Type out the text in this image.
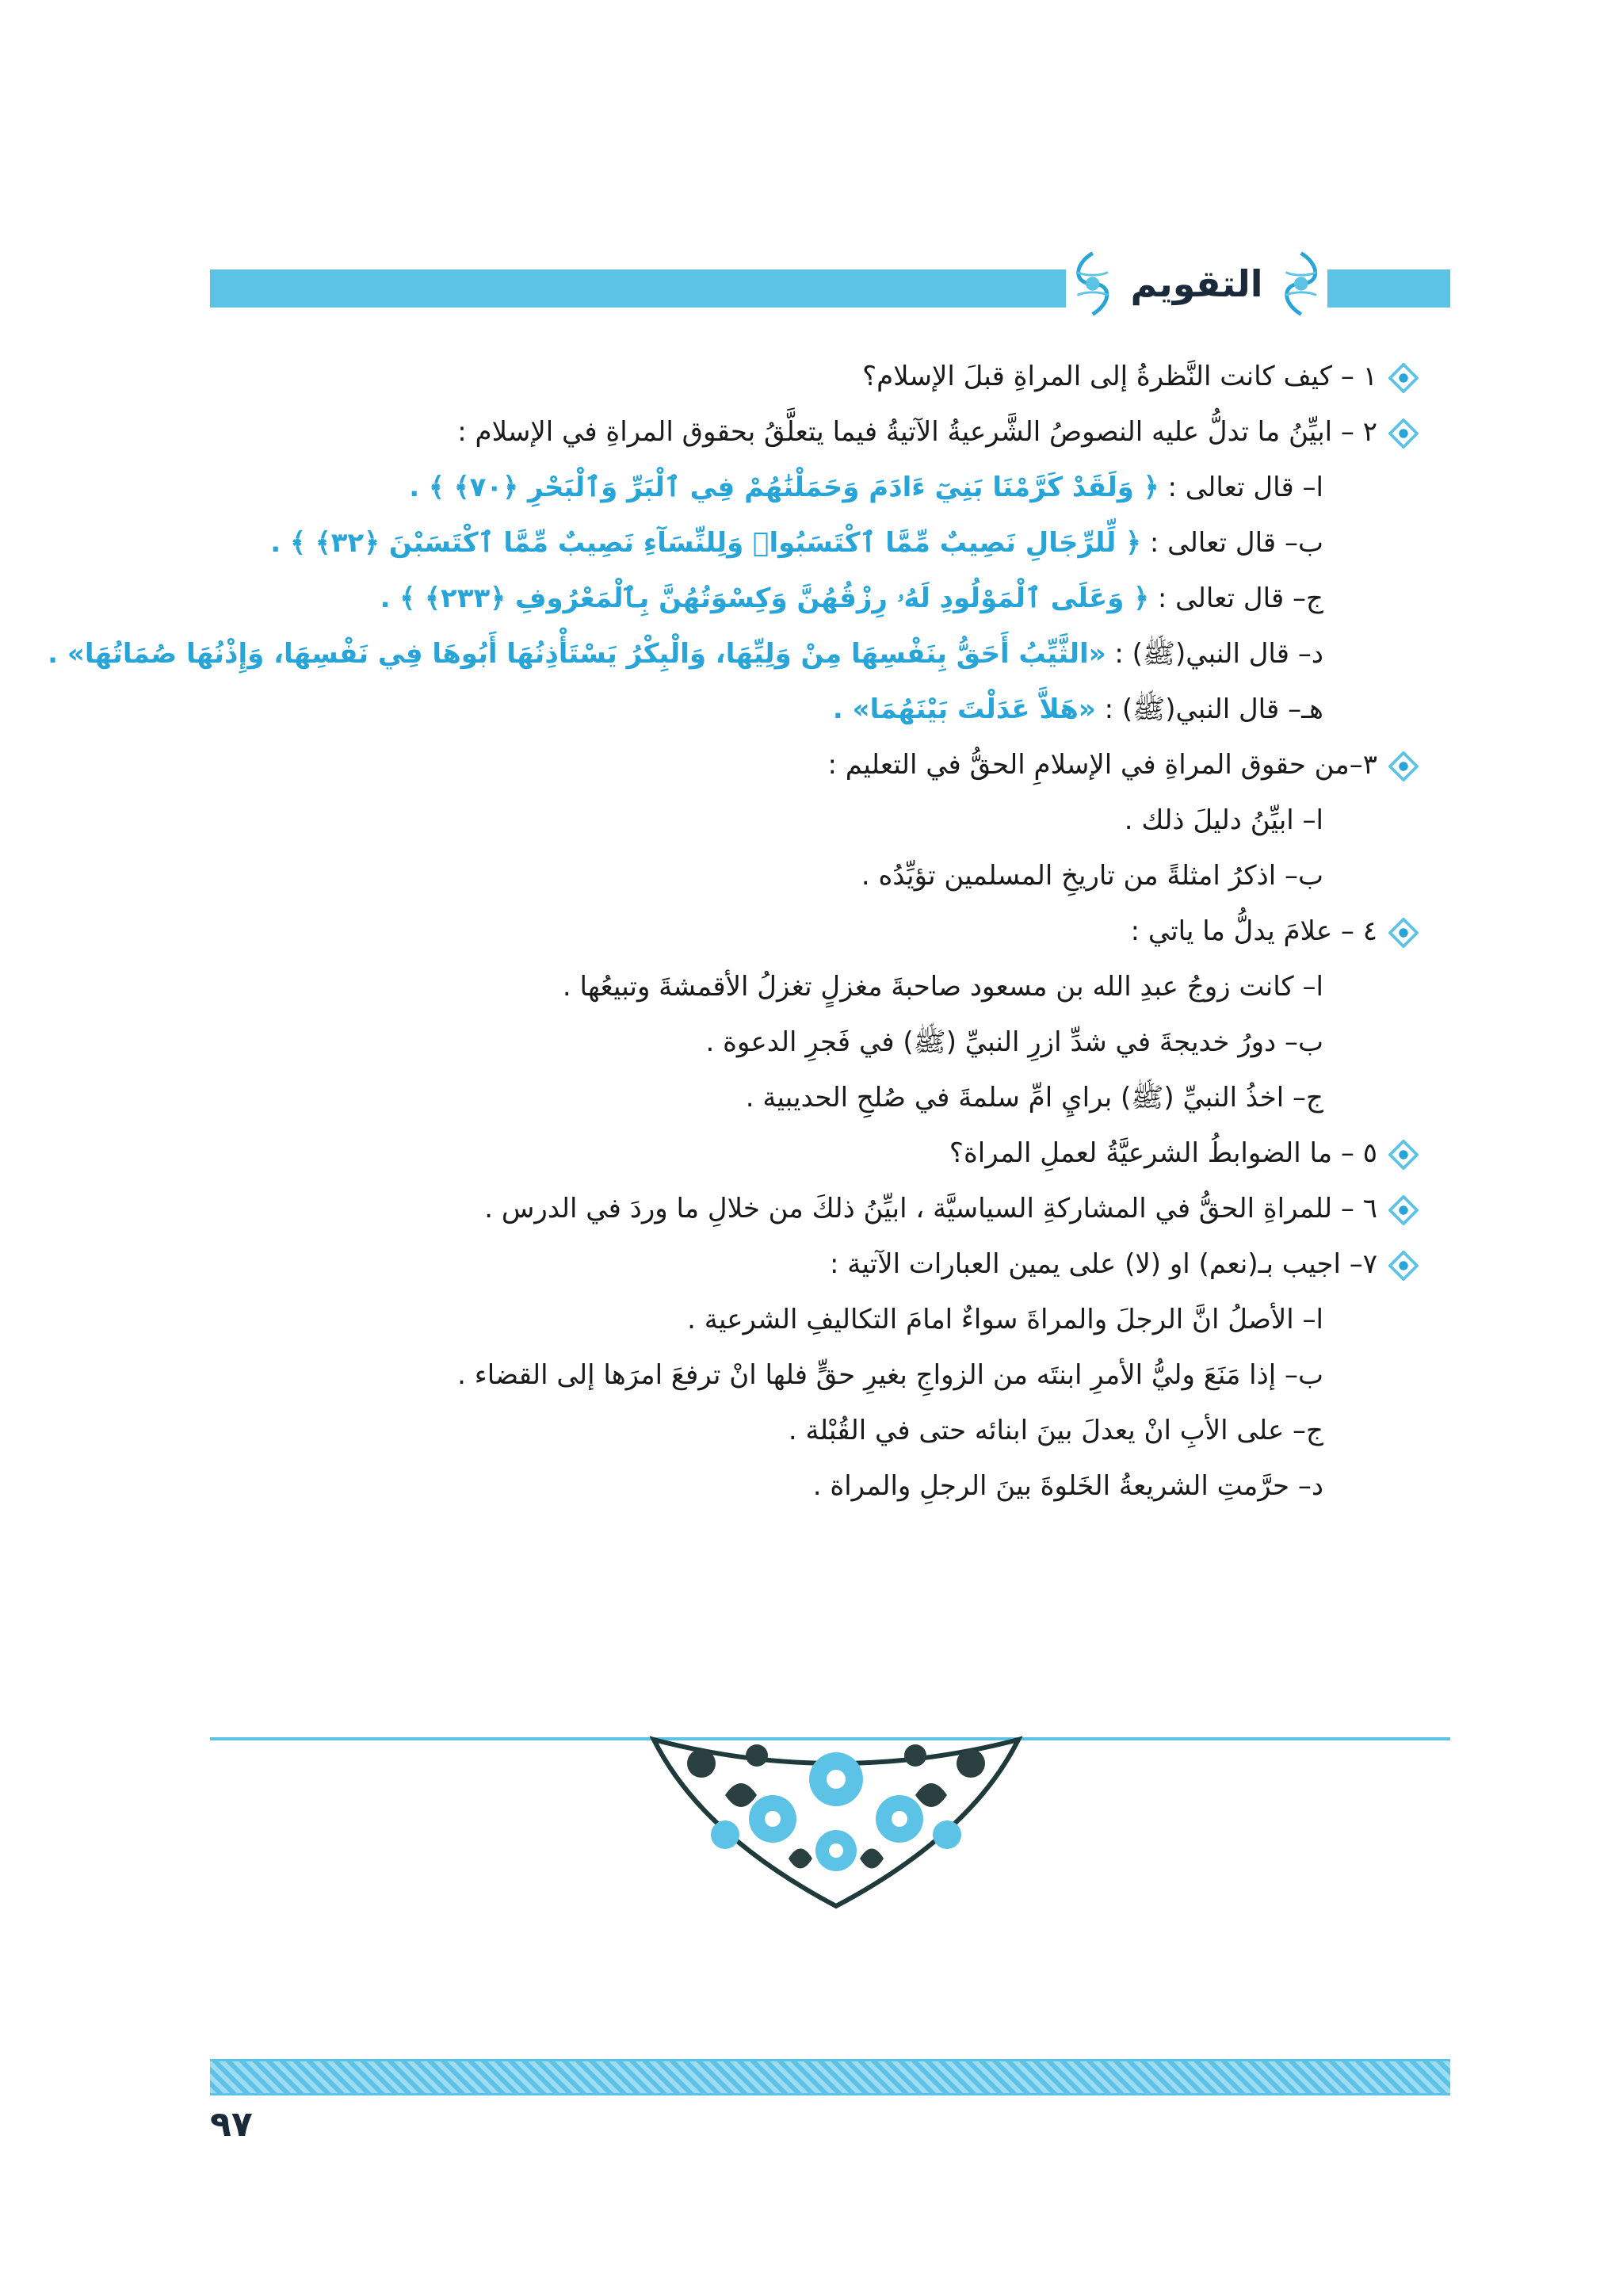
التقويم
١ – كيف كانت النَّظرةُ إلى المراةِ قبلَ الإسلام؟
٢ – ابيِّنُ ما تدلُّ عليه النصوصُ الشَّرعيةُ الآتيةُ فيما يتعلَّقُ بحقوق المراةِ في الإسلام :
ا– قال تعالى : ﴿ وَلَقَدْ كَرَّمْنَا بَنِيٓ ءَادَمَ وَحَمَلْنَٰهُمْ فِي ٱلْبَرِّ وَٱلْبَحْرِ ﴿٧٠﴾ ﴾ .
ب– قال تعالى : ﴿ لِّلرِّجَالِ نَصِيبٌ مِّمَّا ٱكْتَسَبُوا۟ وَلِلنِّسَآءِ نَصِيبٌ مِّمَّا ٱكْتَسَبْنَ ﴿٣٢﴾ ﴾ .
ج– قال تعالى : ﴿ وَعَلَى ٱلْمَوْلُودِ لَهُۥ رِزْقُهُنَّ وَكِسْوَتُهُنَّ بِٱلْمَعْرُوفِ ﴿٢٣٣﴾ ﴾ .
د– قال النبي(ﷺ) : «الثَّيِّبُ أَحَقُّ بِنَفْسِهَا مِنْ وَلِيِّهَا، وَالْبِكْرُ يَسْتَأْذِنُهَا أَبُوهَا فِي نَفْسِهَا، وَإِذْنُهَا صُمَاتُهَا» .
هـ– قال النبي(ﷺ) : «هَلاَّ عَدَلْتَ بَيْنَهُمَا» .
٣–من حقوق المراةِ في الإسلامِ الحقُّ في التعليم :
ا– ابيِّنُ دليلَ ذلك .
ب– اذكرُ امثلةً من تاريخِ المسلمين تؤيِّدُه .
٤ – علامَ يدلُّ ما ياتي :
ا– كانت زوجُ عبدِ الله بن مسعود صاحبةَ مغزلٍ تغزلُ الأقمشةَ وتبيعُها .
ب– دورُ خديجةَ في شدِّ ازرِ النبيِّ (ﷺ) في فَجرِ الدعوة .
ج– اخذُ النبيِّ (ﷺ) برايِ امِّ سلمةَ في صُلحِ الحديبية .
٥ – ما الضوابطُ الشرعيَّةُ لعملِ المراة؟
٦ – للمراةِ الحقُّ في المشاركةِ السياسيَّة ، ابيِّنُ ذلكَ من خلالِ ما وردَ في الدرس .
٧– اجيب بـ(نعم) او (لا) على يمين العبارات الآتية :
ا– الأصلُ انَّ الرجلَ والمراةَ سواءٌ امامَ التكاليفِ الشرعية .
ب– إذا مَنَعَ وليُّ الأمرِ ابنتَه من الزواجِ بغيرِ حقٍّ فلها انْ ترفعَ امرَها إلى القضاء .
ج– على الأبِ انْ يعدلَ بينَ ابنائه حتى في القُبْلة .
د– حرَّمتِ الشريعةُ الخَلوةَ بينَ الرجلِ والمراة .
٩٧
